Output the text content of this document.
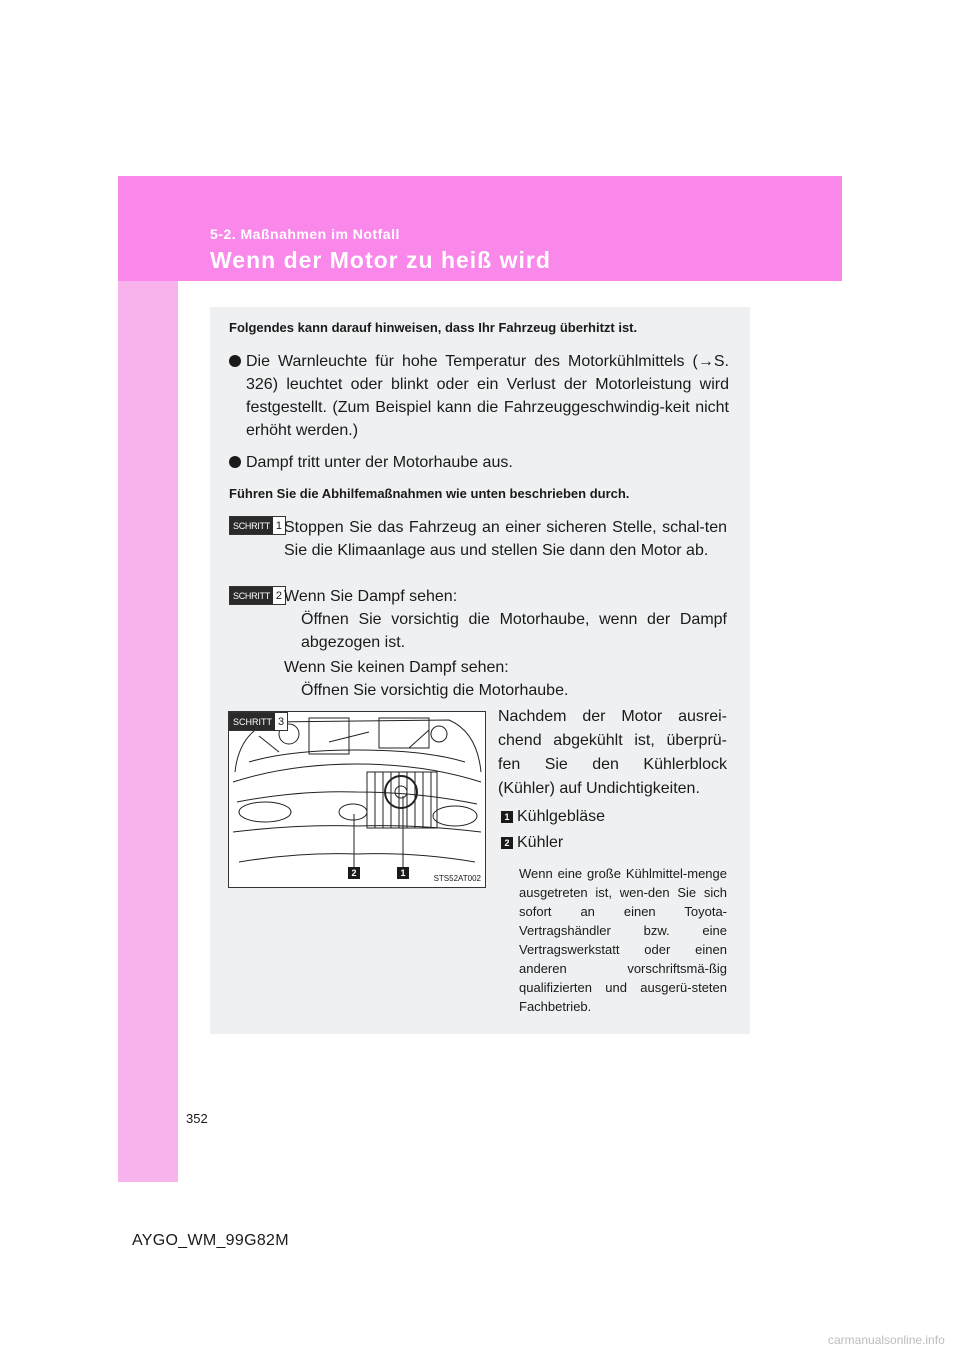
5-2. Maßnahmen im Notfall
Wenn der Motor zu heiß wird
Folgendes kann darauf hinweisen, dass Ihr Fahrzeug überhitzt ist.
Die Warnleuchte für hohe Temperatur des Motorkühlmittels (→S. 326) leuchtet oder blinkt oder ein Verlust der Motorleistung wird festgestellt. (Zum Beispiel kann die Fahrzeuggeschwindig-keit nicht erhöht werden.)
Dampf tritt unter der Motorhaube aus.
Führen Sie die Abhilfemaßnahmen wie unten beschrieben durch.
SCHRITT 1 Stoppen Sie das Fahrzeug an einer sicheren Stelle, schal-ten Sie die Klimaanlage aus und stellen Sie dann den Motor ab.
SCHRITT 2 Wenn Sie Dampf sehen:
Öffnen Sie vorsichtig die Motorhaube, wenn der Dampf abgezogen ist.
Wenn Sie keinen Dampf sehen:
Öffnen Sie vorsichtig die Motorhaube.
SCHRITT 3
2	1
STS52AT002
Nachdem der Motor ausrei-chend abgekühlt ist, überprü-fen Sie den Kühlerblock (Kühler) auf Undichtigkeiten.
1 Kühlgebläse
2 Kühler
Wenn eine große Kühlmittel-menge ausgetreten ist, wen-den Sie sich sofort an einen Toyota-Vertragshändler bzw. eine Vertragswerkstatt oder einen anderen vorschriftsmä-ßig qualifizierten und ausgerü-steten Fachbetrieb.
352
AYGO_WM_99G82M
carmanualsonline.info
